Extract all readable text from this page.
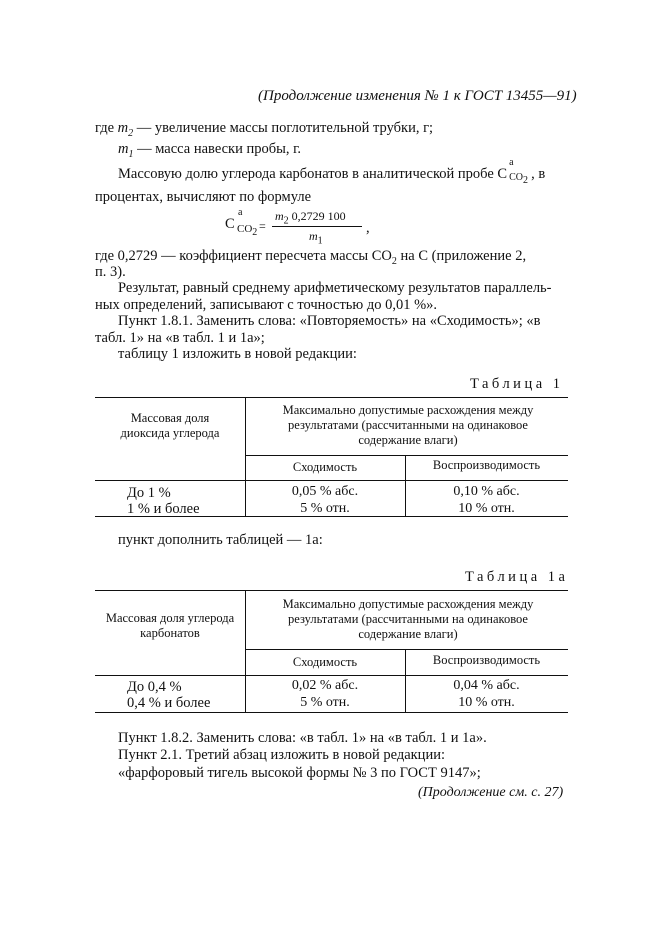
(Продолжение изменения № 1 к ГОСТ 13455—91)
где $m_2$ — увеличение массы поглотительной трубки, г;
$m_1$ — масса навески пробы, г.
Массовую долю углерода карбонатов в аналитической пробе C
a
$CO_2$ , в
процентах, вычисляют по формуле
C
a
$CO_2$ =
$m_2$ 0,2729 100
$m_1$
,
где 0,2729 — коэффициент пересчета массы $CO_2$ на C (приложение 2,
п. 3).
Результат, равный среднему арифметическому результатов параллель-
ных определений, записывают с точностью до 0,01 %».
Пункт 1.8.1. Заменить слова: «Повторяемость» на «Сходимость»; «в
табл. 1» на «в табл. 1 и 1а»;
таблицу 1 изложить в новой редакции:
Таблица 1
Массовая доля диоксида углерода
Максимально допустимые расхождения между результатами (рассчитанными на одинаковое содержание влаги)
Сходимость	Воспроизводимость
До 1 %
1 % и более
0,05 % абс.
5 % отн.
0,10 % абс.
10 % отн.
пункт дополнить таблицей — 1а:
Таблица 1а
Массовая доля углерода карбонатов
Максимально допустимые расхождения между результатами (рассчитанными на одинаковое содержание влаги)
Сходимость	Воспроизводимость
До 0,4 %
0,4 % и более
0,02 % абс.
5 % отн.
0,04 % абс.
10 % отн.
Пункт 1.8.2. Заменить слова: «в табл. 1» на «в табл. 1 и 1а».
Пункт 2.1. Третий абзац изложить в новой редакции:
«фарфоровый тигель высокой формы № 3 по ГОСТ 9147»;
(Продолжение см. с. 27)
